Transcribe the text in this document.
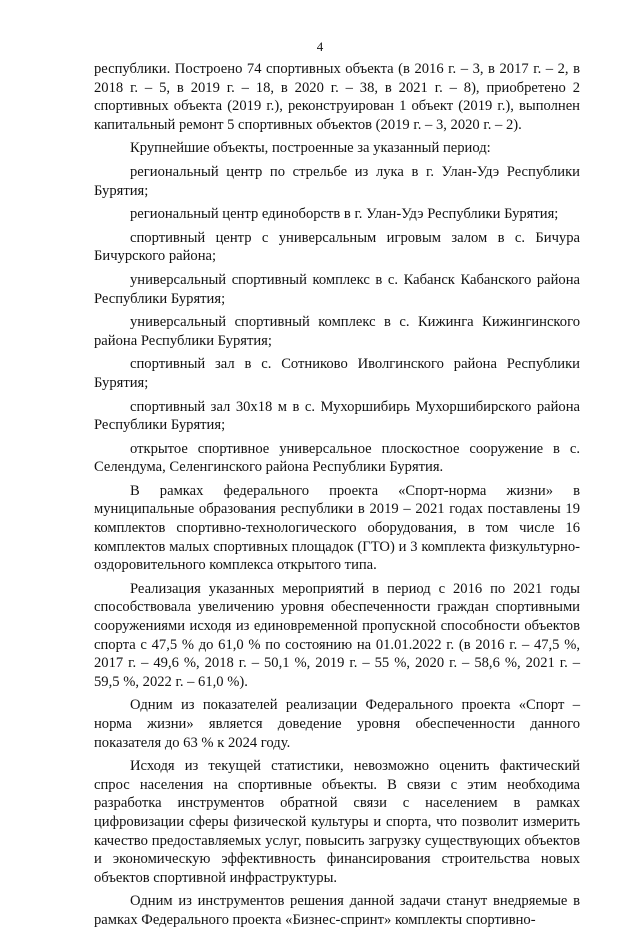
4

республики. Построено 74 спортивных объекта (в 2016 г. – 3, в 2017 г. – 2, в 2018 г. – 5, в 2019 г. – 18, в 2020 г. – 38, в 2021 г. – 8), приобретено 2 спортивных объекта (2019 г.), реконструирован 1 объект (2019 г.), выполнен капитальный ремонт 5 спортивных объектов (2019 г. – 3, 2020 г. – 2).

Крупнейшие объекты, построенные за указанный период:

региональный центр по стрельбе из лука в г. Улан-Удэ Республики Бурятия;

региональный центр единоборств в г. Улан-Удэ Республики Бурятия;

спортивный центр с универсальным игровым залом в с. Бичура Бичурского района;

универсальный спортивный комплекс в с. Кабанск Кабанского района Республики Бурятия;

универсальный спортивный комплекс в с. Кижинга Кижингинского района Республики Бурятия;

спортивный зал в с. Сотниково Иволгинского района Республики Бурятия;

спортивный зал 30х18 м в с. Мухоршибирь Мухоршибирского района Республики Бурятия;

открытое спортивное универсальное плоскостное сооружение в с. Селендума, Селенгинского района Республики Бурятия.

В рамках федерального проекта «Спорт-норма жизни» в муниципальные образования республики в 2019 – 2021 годах поставлены 19 комплектов спортивно-технологического оборудования, в том числе 16 комплектов малых спортивных площадок (ГТО) и 3 комплекта физкультурно-оздоровительного комплекса открытого типа.

Реализация указанных мероприятий в период с 2016 по 2021 годы способствовала увеличению уровня обеспеченности граждан спортивными сооружениями исходя из единовременной пропускной способности объектов спорта с 47,5 % до 61,0 % по состоянию на 01.01.2022 г. (в 2016 г. – 47,5 %, 2017 г. – 49,6 %, 2018 г. – 50,1 %, 2019 г. – 55 %, 2020 г. – 58,6 %, 2021 г. – 59,5 %, 2022 г. – 61,0 %).

Одним из показателей реализации Федерального проекта «Спорт – норма жизни» является доведение уровня обеспеченности данного показателя до 63 % к 2024 году.

Исходя из текущей статистики, невозможно оценить фактический спрос населения на спортивные объекты. В связи с этим необходима разработка инструментов обратной связи с населением в рамках цифровизации сферы физической культуры и спорта, что позволит измерить качество предоставляемых услуг, повысить загрузку существующих объектов и экономическую эффективность финансирования строительства новых объектов спортивной инфраструктуры.

Одним из инструментов решения данной задачи станут внедряемые в рамках Федерального проекта «Бизнес-спринт» комплекты спортивно-
